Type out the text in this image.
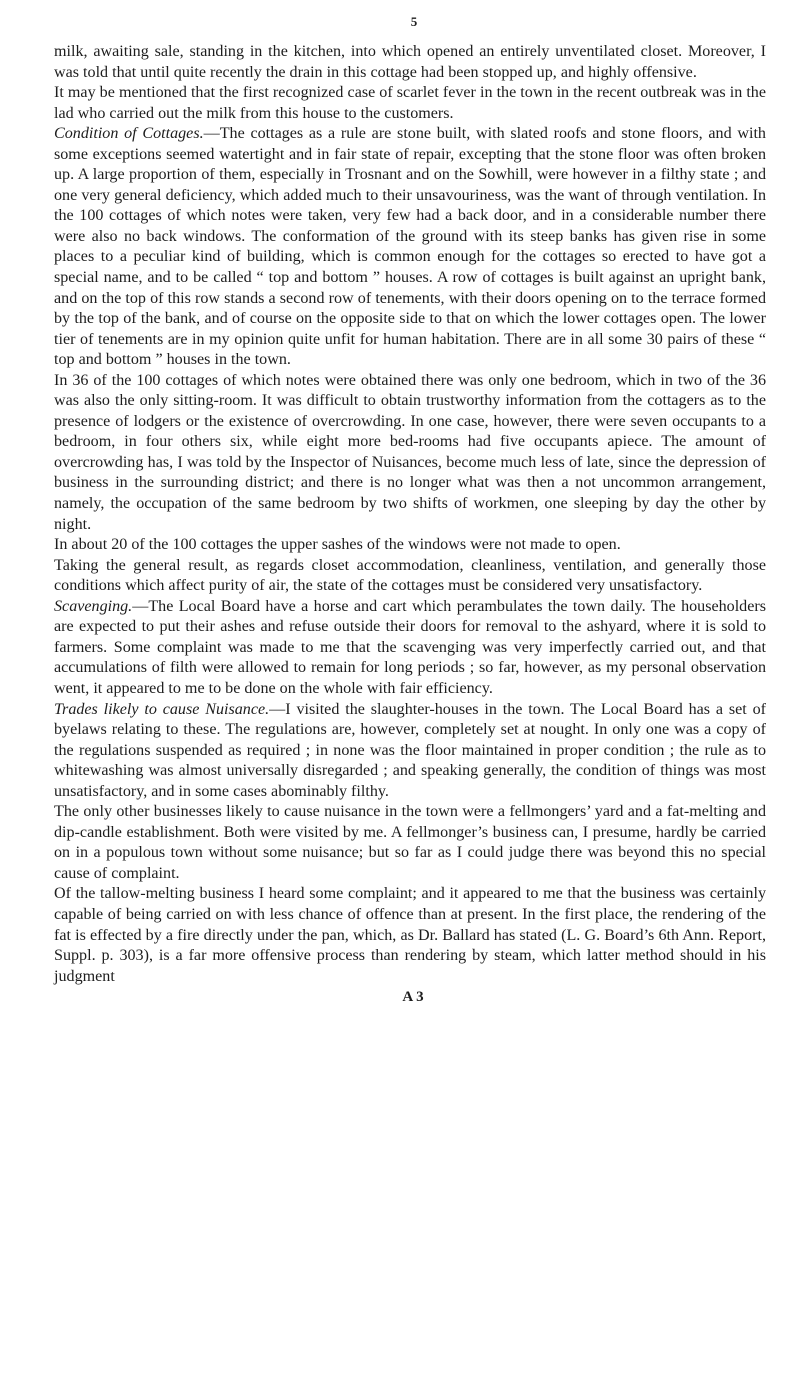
5

milk, awaiting sale, standing in the kitchen, into which opened an entirely unventilated closet. Moreover, I was told that until quite recently the drain in this cottage had been stopped up, and highly offensive.

It may be mentioned that the first recognized case of scarlet fever in the town in the recent outbreak was in the lad who carried out the milk from this house to the customers.

Condition of Cottages.—The cottages as a rule are stone built, with slated roofs and stone floors, and with some exceptions seemed watertight and in fair state of repair, excepting that the stone floor was often broken up. A large proportion of them, especially in Trosnant and on the Sowhill, were however in a filthy state ; and one very general deficiency, which added much to their unsavouriness, was the want of through ventilation. In the 100 cottages of which notes were taken, very few had a back door, and in a considerable number there were also no back windows. The conformation of the ground with its steep banks has given rise in some places to a peculiar kind of building, which is common enough for the cottages so erected to have got a special name, and to be called “ top and bottom ” houses. A row of cottages is built against an upright bank, and on the top of this row stands a second row of tenements, with their doors opening on to the terrace formed by the top of the bank, and of course on the opposite side to that on which the lower cottages open. The lower tier of tenements are in my opinion quite unfit for human habitation. There are in all some 30 pairs of these “ top and bottom ” houses in the town.

In 36 of the 100 cottages of which notes were obtained there was only one bedroom, which in two of the 36 was also the only sitting-room. It was difficult to obtain trustworthy information from the cottagers as to the presence of lodgers or the existence of overcrowding. In one case, however, there were seven occupants to a bedroom, in four others six, while eight more bed-rooms had five occupants apiece. The amount of overcrowding has, I was told by the Inspector of Nuisances, become much less of late, since the depression of business in the surrounding district; and there is no longer what was then a not uncommon arrangement, namely, the occupation of the same bedroom by two shifts of workmen, one sleeping by day the other by night.

In about 20 of the 100 cottages the upper sashes of the windows were not made to open.

Taking the general result, as regards closet accommodation, cleanliness, ventilation, and generally those conditions which affect purity of air, the state of the cottages must be considered very unsatisfactory.

Scavenging.—The Local Board have a horse and cart which perambulates the town daily. The householders are expected to put their ashes and refuse outside their doors for removal to the ashyard, where it is sold to farmers. Some complaint was made to me that the scavenging was very imperfectly carried out, and that accumulations of filth were allowed to remain for long periods ; so far, however, as my personal observation went, it appeared to me to be done on the whole with fair efficiency.

Trades likely to cause Nuisance.—I visited the slaughter-houses in the town. The Local Board has a set of byelaws relating to these. The regulations are, however, completely set at nought. In only one was a copy of the regulations suspended as required ; in none was the floor maintained in proper condition ; the rule as to whitewashing was almost universally disregarded ; and speaking generally, the condition of things was most unsatisfactory, and in some cases abominably filthy.

The only other businesses likely to cause nuisance in the town were a fellmongers’ yard and a fat-melting and dip-candle establishment. Both were visited by me. A fellmonger’s business can, I presume, hardly be carried on in a populous town without some nuisance; but so far as I could judge there was beyond this no special cause of complaint.

Of the tallow-melting business I heard some complaint; and it appeared to me that the business was certainly capable of being carried on with less chance of offence than at present. In the first place, the rendering of the fat is effected by a fire directly under the pan, which, as Dr. Ballard has stated (L. G. Board’s 6th Ann. Report, Suppl. p. 303), is a far more offensive process than rendering by steam, which latter method should in his judgment

A 3
